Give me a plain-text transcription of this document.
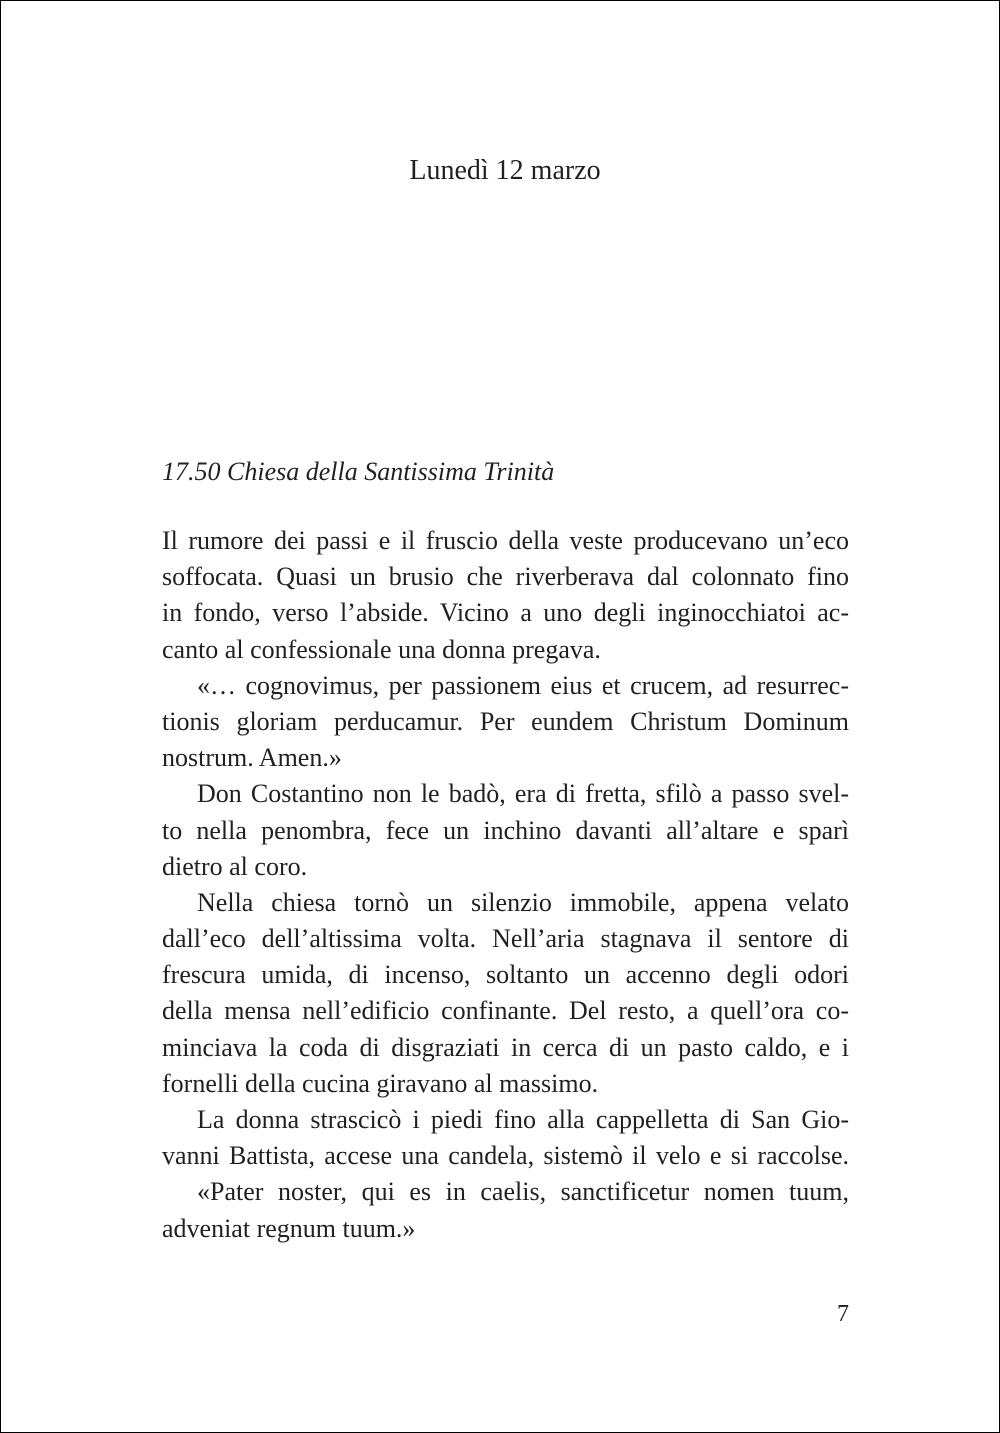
Lunedì 12 marzo
17.50 Chiesa della Santissima Trinità
Il rumore dei passi e il fruscio della veste producevano un’eco
soffocata. Quasi un brusio che riverberava dal colonnato fino
in fondo, verso l’abside. Vicino a uno degli inginocchiatoi ac-
canto al confessionale una donna pregava.
«… cognovimus, per passionem eius et crucem, ad resurrec-
tionis gloriam perducamur. Per eundem Christum Dominum
nostrum. Amen.»
Don Costantino non le badò, era di fretta, sfilò a passo svel-
to nella penombra, fece un inchino davanti all’altare e sparì
dietro al coro.
Nella chiesa tornò un silenzio immobile, appena velato
dall’eco dell’altissima volta. Nell’aria stagnava il sentore di
frescura umida, di incenso, soltanto un accenno degli odori
della mensa nell’edificio confinante. Del resto, a quell’ora co-
minciava la coda di disgraziati in cerca di un pasto caldo, e i
fornelli della cucina giravano al massimo.
La donna strascicò i piedi fino alla cappelletta di San Gio-
vanni Battista, accese una candela, sistemò il velo e si raccolse.
«Pater noster, qui es in caelis, sanctificetur nomen tuum,
adveniat regnum tuum.»
7
